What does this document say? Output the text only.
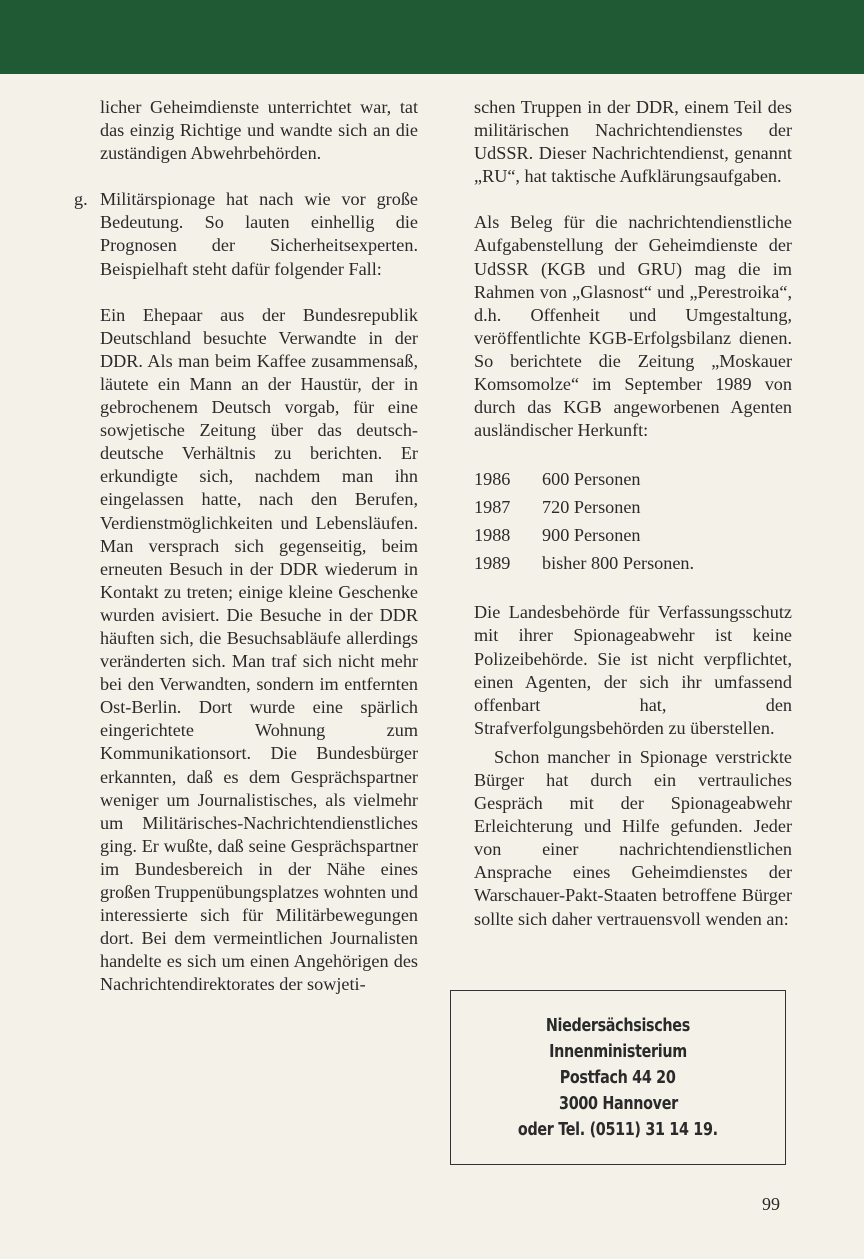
licher Geheimdienste unterrichtet war, tat das einzig Richtige und wandte sich an die zuständigen Abwehrbehörden.

g. Militärspionage hat nach wie vor große Bedeutung. So lauten einhellig die Prognosen der Sicherheitsexperten. Beispielhaft steht dafür folgender Fall:

Ein Ehepaar aus der Bundesrepublik Deutschland besuchte Verwandte in der DDR. Als man beim Kaffee zusammensaß, läutete ein Mann an der Haustür, der in gebrochenem Deutsch vorgab, für eine sowjetische Zeitung über das deutsch-deutsche Verhältnis zu berichten. Er erkundigte sich, nachdem man ihn eingelassen hatte, nach den Berufen, Verdienstmöglichkeiten und Lebensläufen. Man versprach sich gegenseitig, beim erneuten Besuch in der DDR wiederum in Kontakt zu treten; einige kleine Geschenke wurden avisiert. Die Besuche in der DDR häuften sich, die Besuchsabläufe allerdings veränderten sich. Man traf sich nicht mehr bei den Verwandten, sondern im entfernten Ost-Berlin. Dort wurde eine spärlich eingerichtete Wohnung zum Kommunikationsort. Die Bundesbürger erkannten, daß es dem Gesprächspartner weniger um Journalistisches, als vielmehr um Militärisches-Nachrichtendienstliches ging. Er wußte, daß seine Gesprächspartner im Bundesbereich in der Nähe eines großen Truppenübungsplatzes wohnten und interessierte sich für Militärbewegungen dort. Bei dem vermeintlichen Journalisten handelte es sich um einen Angehörigen des Nachrichtendirektorates der sowjeti-

schen Truppen in der DDR, einem Teil des militärischen Nachrichtendienstes der UdSSR. Dieser Nachrichtendienst, genannt „RU“, hat taktische Aufklärungsaufgaben.

Als Beleg für die nachrichtendienstliche Aufgabenstellung der Geheimdienste der UdSSR (KGB und GRU) mag die im Rahmen von „Glasnost“ und „Perestroika“, d.h. Offenheit und Umgestaltung, veröffentlichte KGB-Erfolgsbilanz dienen. So berichtete die Zeitung „Moskauer Komsomolze“ im September 1989 von durch das KGB angeworbenen Agenten ausländischer Herkunft:

1986	600 Personen
1987	720 Personen
1988	900 Personen
1989	bisher 800 Personen.

Die Landesbehörde für Verfassungsschutz mit ihrer Spionageabwehr ist keine Polizeibehörde. Sie ist nicht verpflichtet, einen Agenten, der sich ihr umfassend offenbart hat, den Strafverfolgungsbehörden zu überstellen.

Schon mancher in Spionage verstrickte Bürger hat durch ein vertrauliches Gespräch mit der Spionageabwehr Erleichterung und Hilfe gefunden. Jeder von einer nachrichtendienstlichen Ansprache eines Geheimdienstes der Warschauer-Pakt-Staaten betroffene Bürger sollte sich daher vertrauensvoll wenden an:

Niedersächsisches
Innenministerium
Postfach 44 20
3000 Hannover
oder Tel. (0511) 31 14 19.
99
